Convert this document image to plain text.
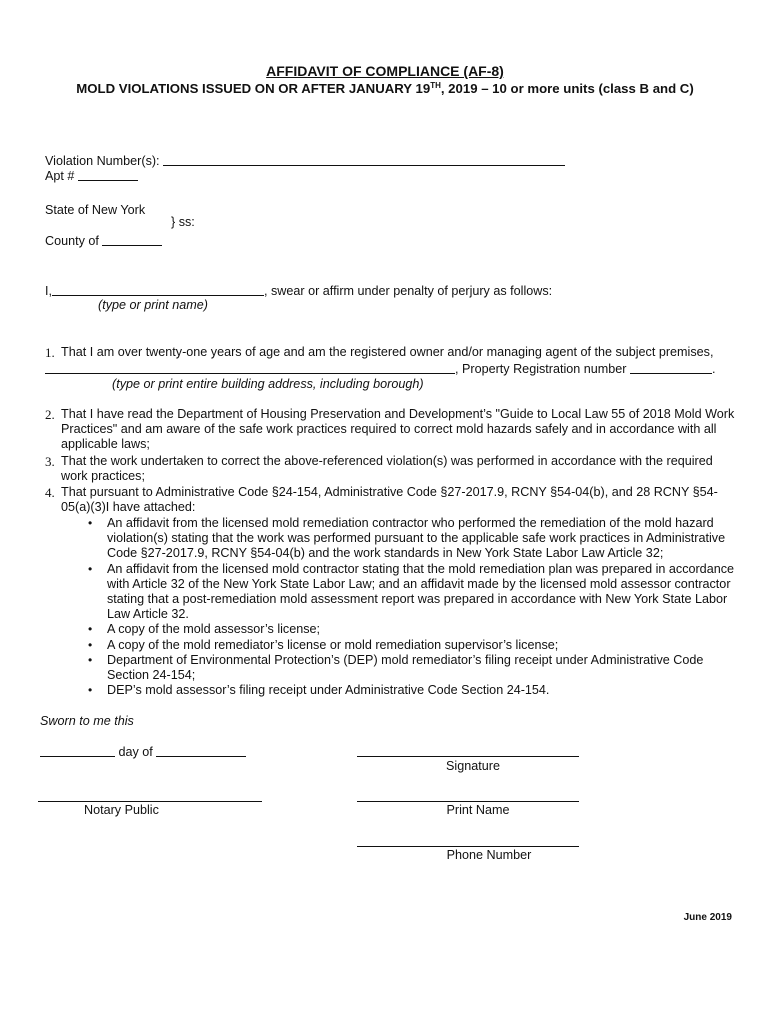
AFFIDAVIT OF COMPLIANCE (AF-8)
MOLD VIOLATIONS ISSUED ON OR AFTER JANUARY 19TH, 2019 – 10 or more units (class B and C)
Violation Number(s):
Apt #
State of New York
} ss:
County of
I,	, swear or affirm under penalty of perjury as follows:
(type or print name)
1. That I am over twenty-one years of age and am the registered owner and/or managing agent of the subject premises,
, Property Registration number	.
(type or print entire building address, including borough)
2. That I have read the Department of Housing Preservation and Development’s "Guide to Local Law 55 of 2018 Mold Work Practices" and am aware of the safe work practices required to correct mold hazards safely and in accordance with all applicable laws;
3. That the work undertaken to correct the above-referenced violation(s) was performed in accordance with the required work practices;
4. That pursuant to Administrative Code §24-154, Administrative Code §27-2017.9, RCNY §54-04(b), and 28 RCNY §54-05(a)(3)I have attached:
• An affidavit from the licensed mold remediation contractor who performed the remediation of the mold hazard violation(s) stating that the work was performed pursuant to the applicable safe work practices in Administrative Code §27-2017.9, RCNY §54-04(b) and the work standards in New York State Labor Law Article 32;
• An affidavit from the licensed mold contractor stating that the mold remediation plan was prepared in accordance with Article 32 of the New York State Labor Law; and an affidavit made by the licensed mold assessor contractor stating that a post-remediation mold assessment report was prepared in accordance with New York State Labor Law Article 32.
• A copy of the mold assessor’s license;
• A copy of the mold remediator’s license or mold remediation supervisor’s license;
• Department of Environmental Protection’s (DEP) mold remediator’s filing receipt under Administrative Code Section 24-154;
• DEP’s mold assessor’s filing receipt under Administrative Code Section 24-154.
Sworn to me this
day of
Signature
Notary Public	Print Name
Phone Number
June 2019
